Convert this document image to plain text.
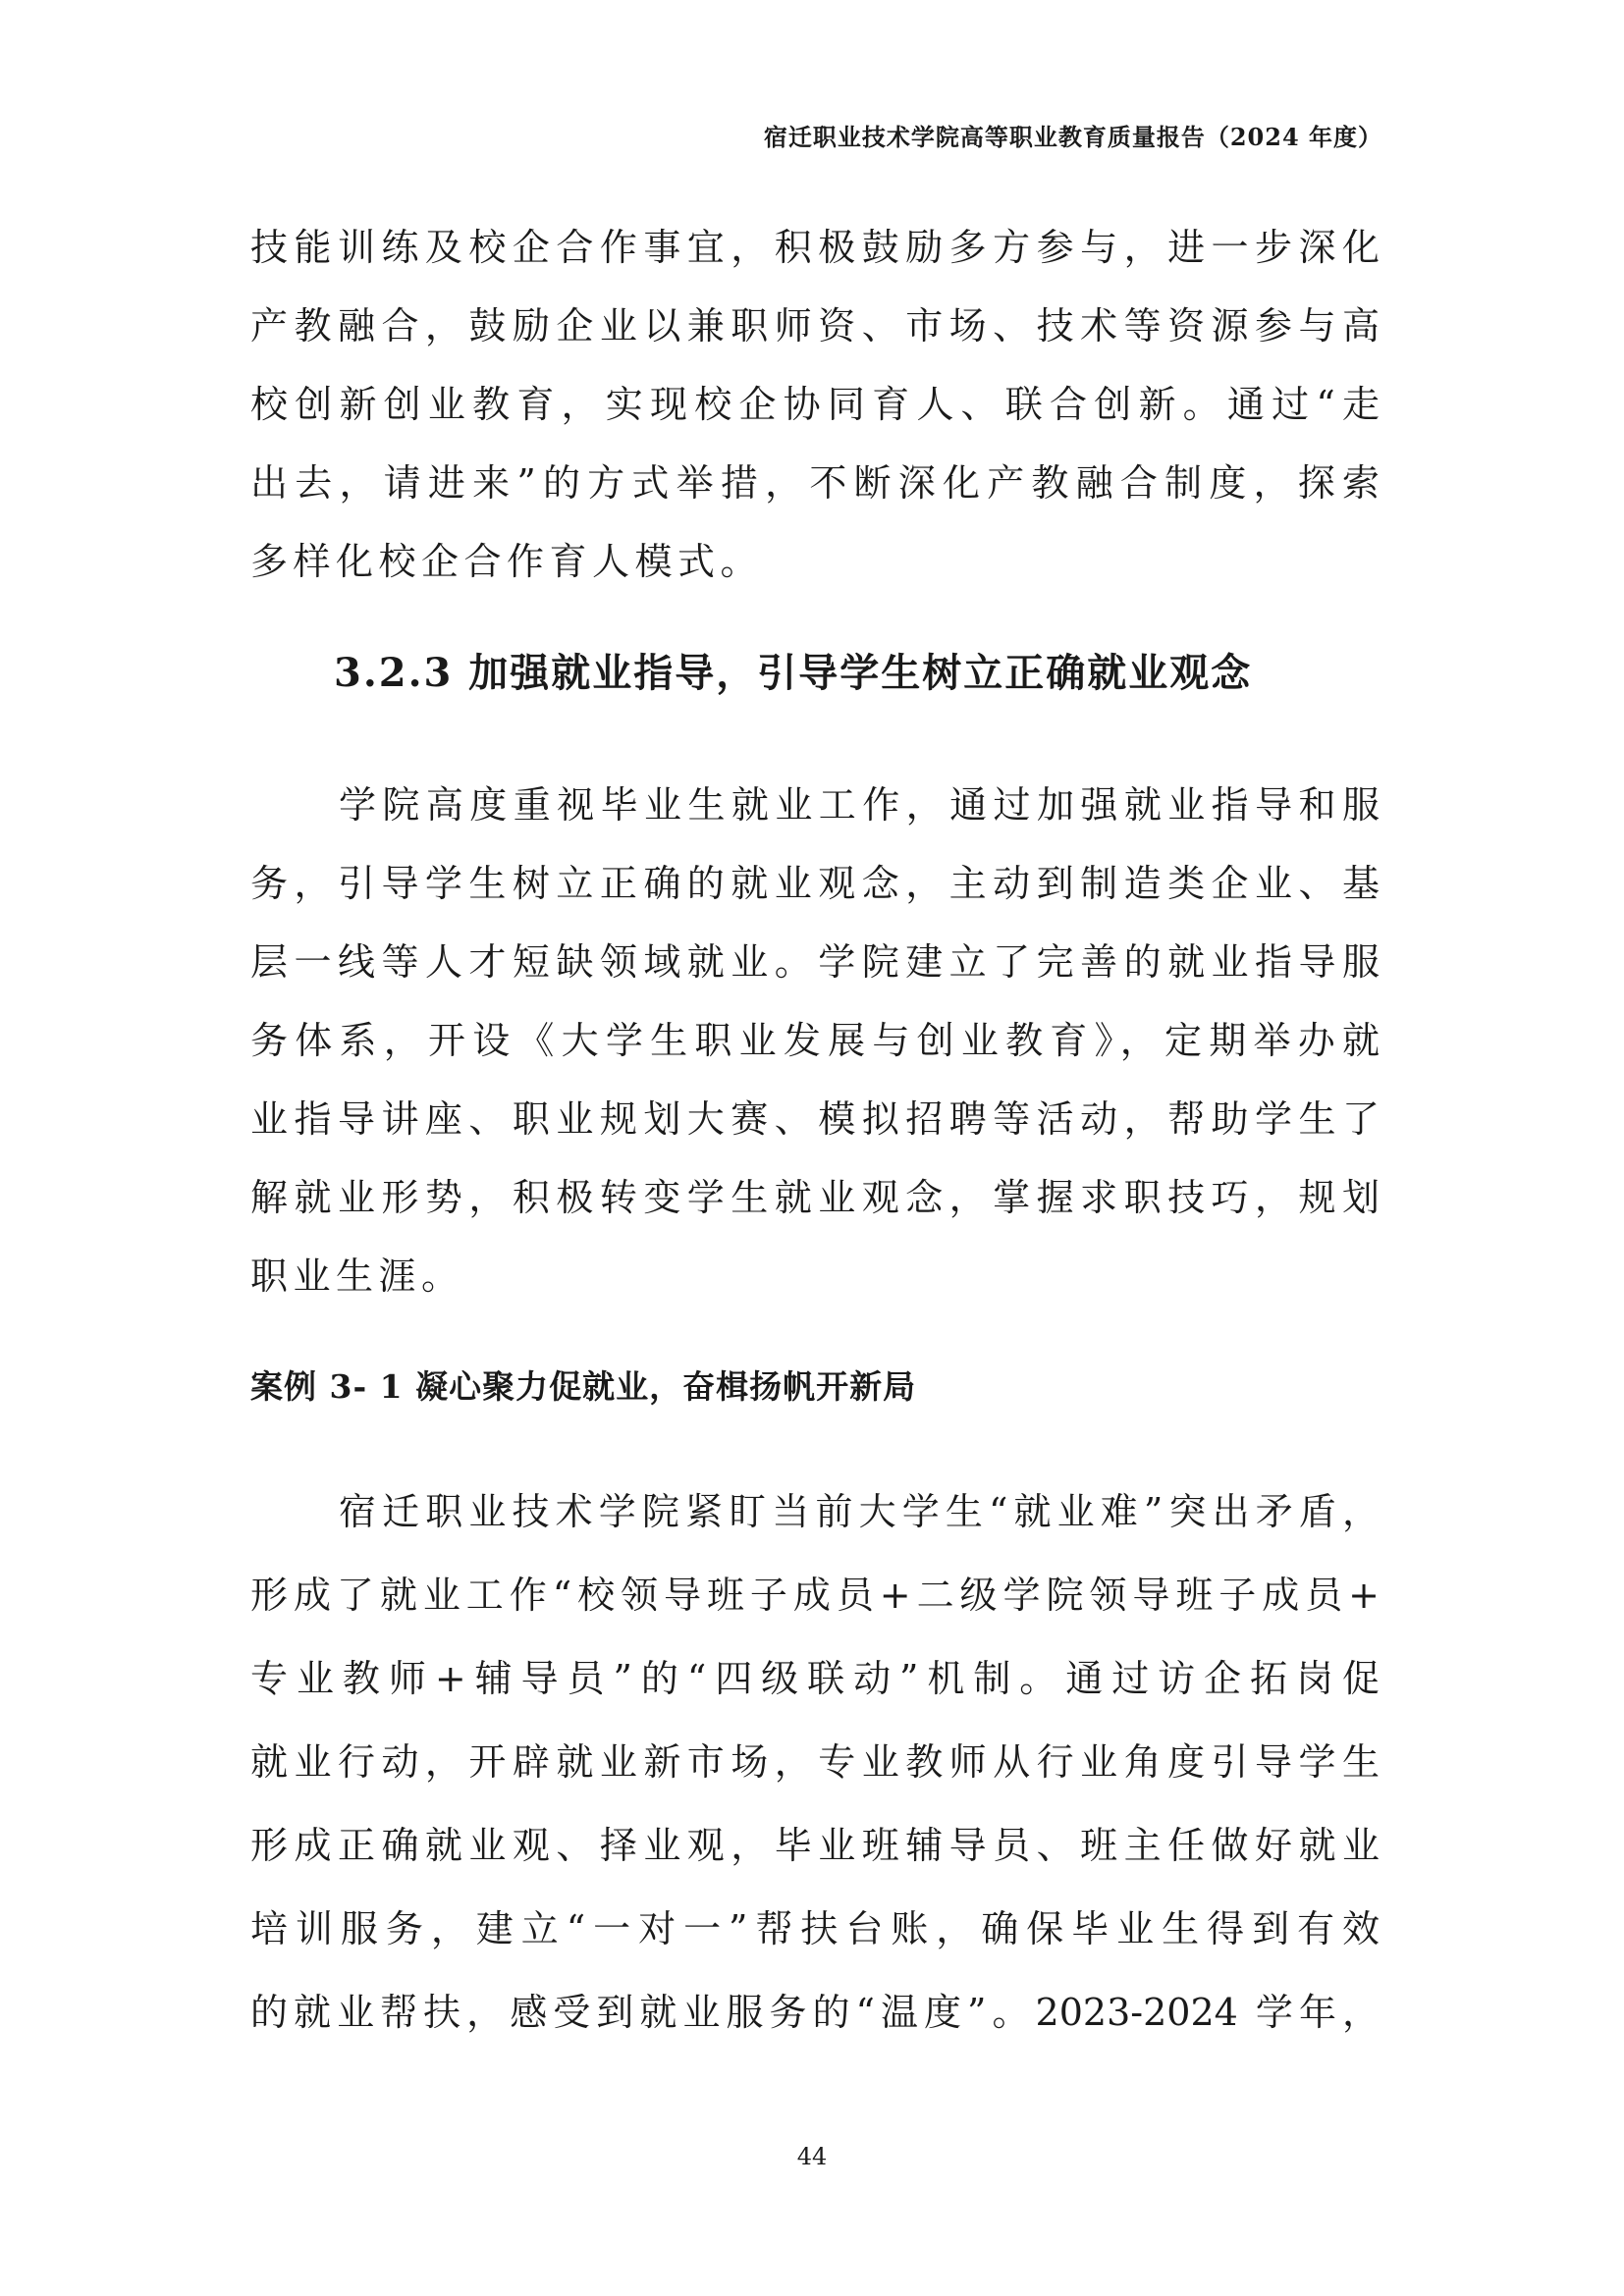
宿迁职业技术学院高等职业教育质量报告（2024 年度）
技能训练及校企合作事宜，积极鼓励多方参与，进一步深化
产教融合，鼓励企业以兼职师资、市场、技术等资源参与高
校创新创业教育，实现校企协同育人、联合创新。通过“走
出去，请进来”的方式举措，不断深化产教融合制度，探索
多样化校企合作育人模式。
3.2.3 加强就业指导，引导学生树立正确就业观念
学院高度重视毕业生就业工作，通过加强就业指导和服
务，引导学生树立正确的就业观念，主动到制造类企业、基
层一线等人才短缺领域就业。学院建立了完善的就业指导服
务体系，开设《大学生职业发展与创业教育》，定期举办就
业指导讲座、职业规划大赛、模拟招聘等活动，帮助学生了
解就业形势，积极转变学生就业观念，掌握求职技巧，规划
职业生涯。
案例 3- 1 凝心聚力促就业，奋楫扬帆开新局
宿迁职业技术学院紧盯当前大学生“就业难”突出矛盾，
形成了就业工作“校领导班子成员+二级学院领导班子成员+
专业教师+辅导员”的“四级联动”机制。通过访企拓岗促
就业行动，开辟就业新市场，专业教师从行业角度引导学生
形成正确就业观、择业观，毕业班辅导员、班主任做好就业
培训服务，建立“一对一”帮扶台账，确保毕业生得到有效
的就业帮扶，感受到就业服务的“温度”。2023-2024 学年，
44
